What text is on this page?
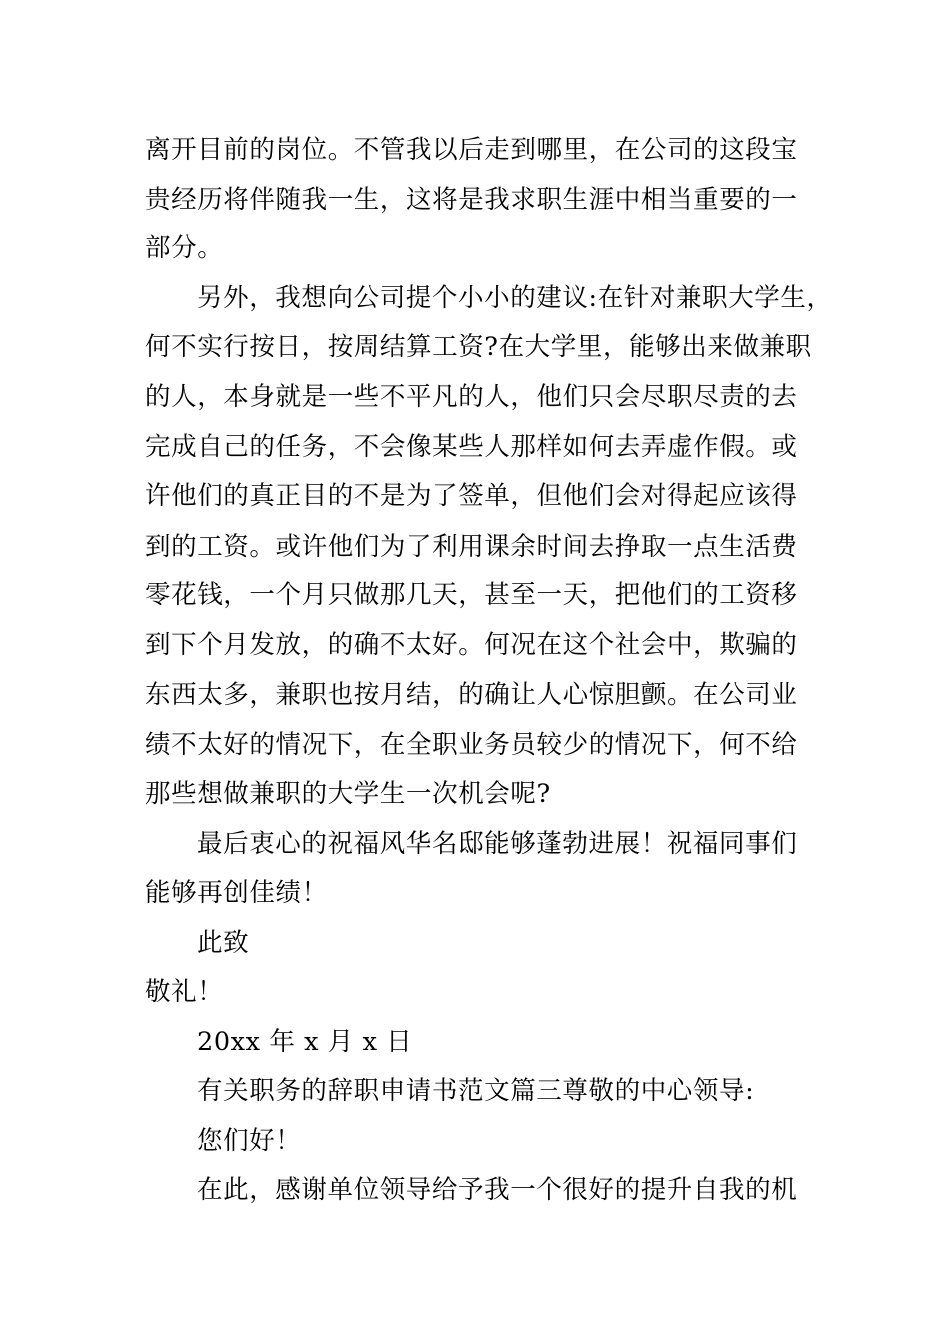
离开目前的岗位。不管我以后走到哪里，在公司的这段宝
贵经历将伴随我一生，这将是我求职生涯中相当重要的一
部分。
另外，我想向公司提个小小的建议:在针对兼职大学生，
何不实行按日，按周结算工资?在大学里，能够出来做兼职
的人，本身就是一些不平凡的人，他们只会尽职尽责的去
完成自己的任务，不会像某些人那样如何去弄虚作假。或
许他们的真正目的不是为了签单，但他们会对得起应该得
到的工资。或许他们为了利用课余时间去挣取一点生活费
零花钱，一个月只做那几天，甚至一天，把他们的工资移
到下个月发放，的确不太好。何况在这个社会中，欺骗的
东西太多，兼职也按月结，的确让人心惊胆颤。在公司业
绩不太好的情况下，在全职业务员较少的情况下，何不给
那些想做兼职的大学生一次机会呢?
最后衷心的祝福风华名邸能够蓬勃进展！祝福同事们
能够再创佳绩！
此致
敬礼！
20xx 年 x 月 x 日
有关职务的辞职申请书范文篇三尊敬的中心领导:
您们好！
在此，感谢单位领导给予我一个很好的提升自我的机
